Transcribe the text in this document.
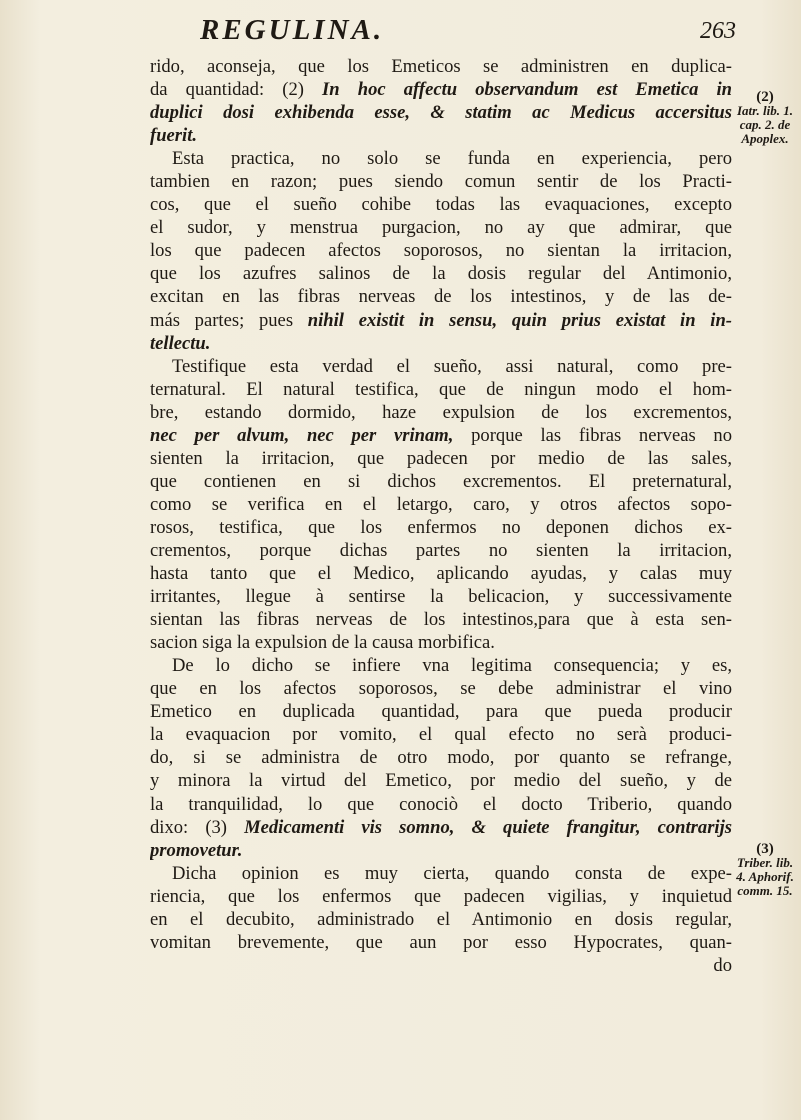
REGULINA.	263
rido, aconseja, que los Emeticos se administren en duplica-
da quantidad: (2) In hoc affectu observandum est Emetica in
duplici dosi exhibenda esse, & statim ac Medicus accersitus
fuerit.
Esta practica, no solo se funda en experiencia, pero
tambien en razon; pues siendo comun sentir de los Practi-
cos, que el sueño cohibe todas las evaquaciones, excepto
el sudor, y menstrua purgacion, no ay que admirar, que
los que padecen afectos soporosos, no sientan la irritacion,
que los azufres salinos de la dosis regular del Antimonio,
excitan en las fibras nerveas de los intestinos, y de las de-
más partes; pues nihil existit in sensu, quin prius existat in in-
tellectu.
Testifique esta verdad el sueño, assi natural, como pre-
ternatural. El natural testifica, que de ningun modo el hom-
bre, estando dormido, haze expulsion de los excrementos,
nec per alvum, nec per vrinam, porque las fibras nerveas no
sienten la irritacion, que padecen por medio de las sales,
que contienen en si dichos excrementos. El preternatural,
como se verifica en el letargo, caro, y otros afectos sopo-
rosos, testifica, que los enfermos no deponen dichos ex-
crementos, porque dichas partes no sienten la irritacion,
hasta tanto que el Medico, aplicando ayudas, y calas muy
irritantes, llegue à sentirse la belicacion, y successivamente
sientan las fibras nerveas de los intestinos,para que à esta sen-
sacion siga la expulsion de la causa morbifica.
De lo dicho se infiere vna legitima consequencia; y es,
que en los afectos soporosos, se debe administrar el vino
Emetico en duplicada quantidad, para que pueda producir
la evaquacion por vomito, el qual efecto no serà produci-
do, si se administra de otro modo, por quanto se refrange,
y minora la virtud del Emetico, por medio del sueño, y de
la tranquilidad, lo que conociò el docto Triberio, quando
dixo: (3) Medicamenti vis somno, & quiete frangitur, contrarijs
promovetur.
Dicha opinion es muy cierta, quando consta de expe-
riencia, que los enfermos que padecen vigilias, y inquietud
en el decubito, administrado el Antimonio en dosis regular,
vomitan brevemente, que aun por esso Hypocrates, quan-
do
(2)
Iatr. lib. 1. cap. 2. de Apoplex.
(3)
Triber. lib. 4. Aphorif. comm. 15.
